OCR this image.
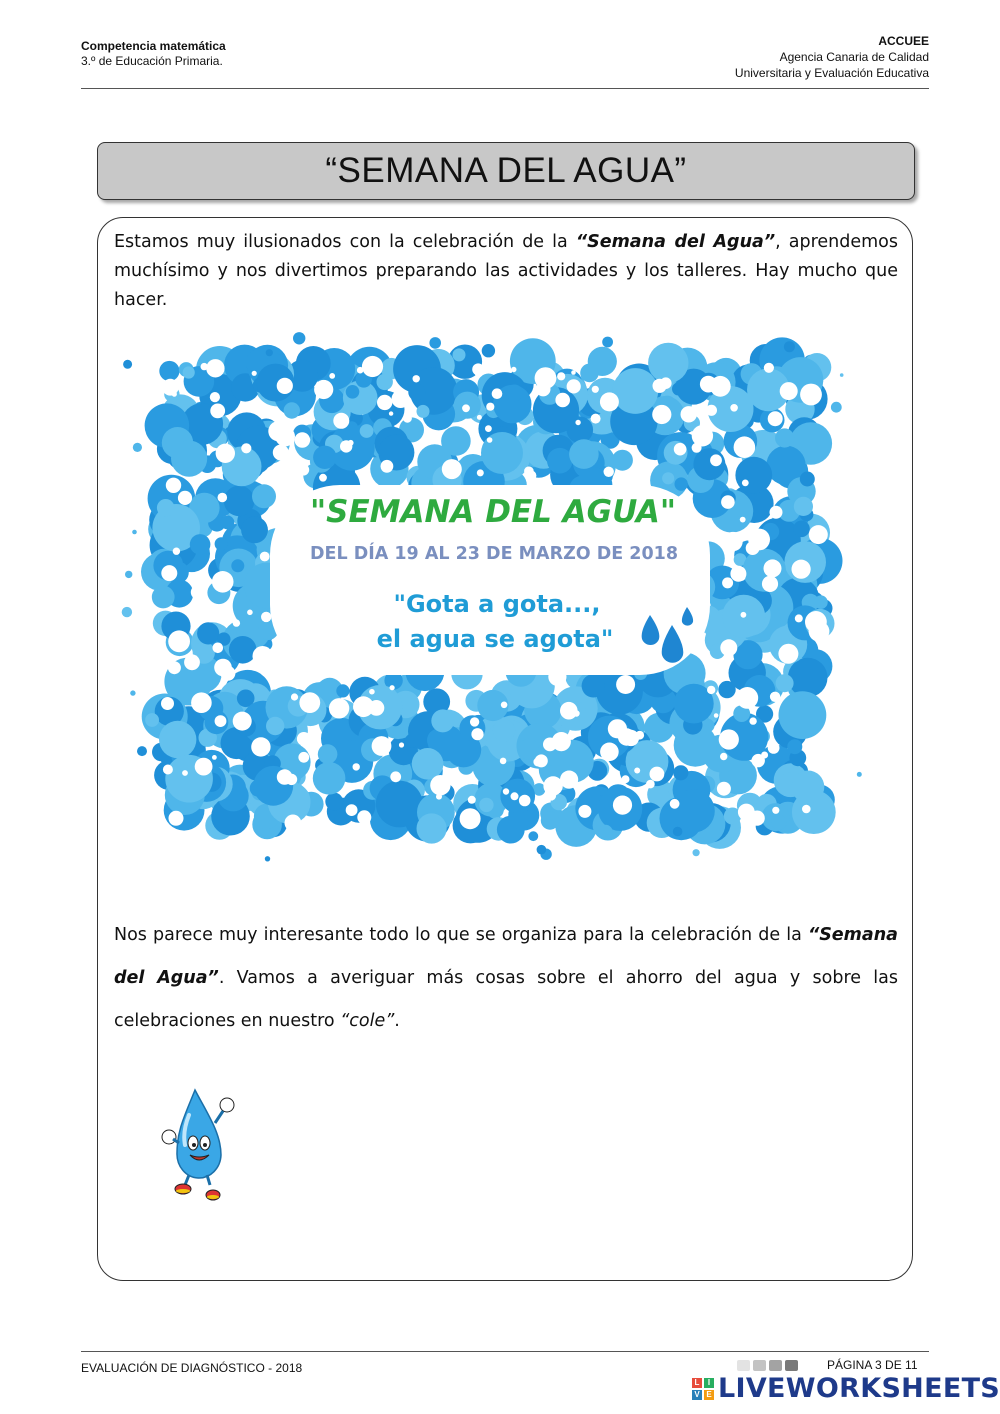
Competencia matemática
3.º de Educación Primaria.
ACCUEE
Agencia Canaria de Calidad
Universitaria y Evaluación Educativa
“SEMANA DEL AGUA”
Estamos muy ilusionados con la celebración de la “Semana del Agua”, aprendemos muchísimo y nos divertimos preparando las actividades y los talleres. Hay mucho que hacer.
"SEMANA DEL AGUA"
DEL DÍA 19 AL 23 DE MARZO DE 2018
"Gota a gota...,
el agua se agota"
Nos parece muy interesante todo lo que se organiza para la celebración de la “Semana del Agua”. Vamos a averiguar más cosas sobre el ahorro del agua y sobre las celebraciones en nuestro “cole”.
EVALUACIÓN DE DIAGNÓSTICO - 2018	PÁGINA 3 DE 11
L	I
V E LIVEWORKSHEETS
